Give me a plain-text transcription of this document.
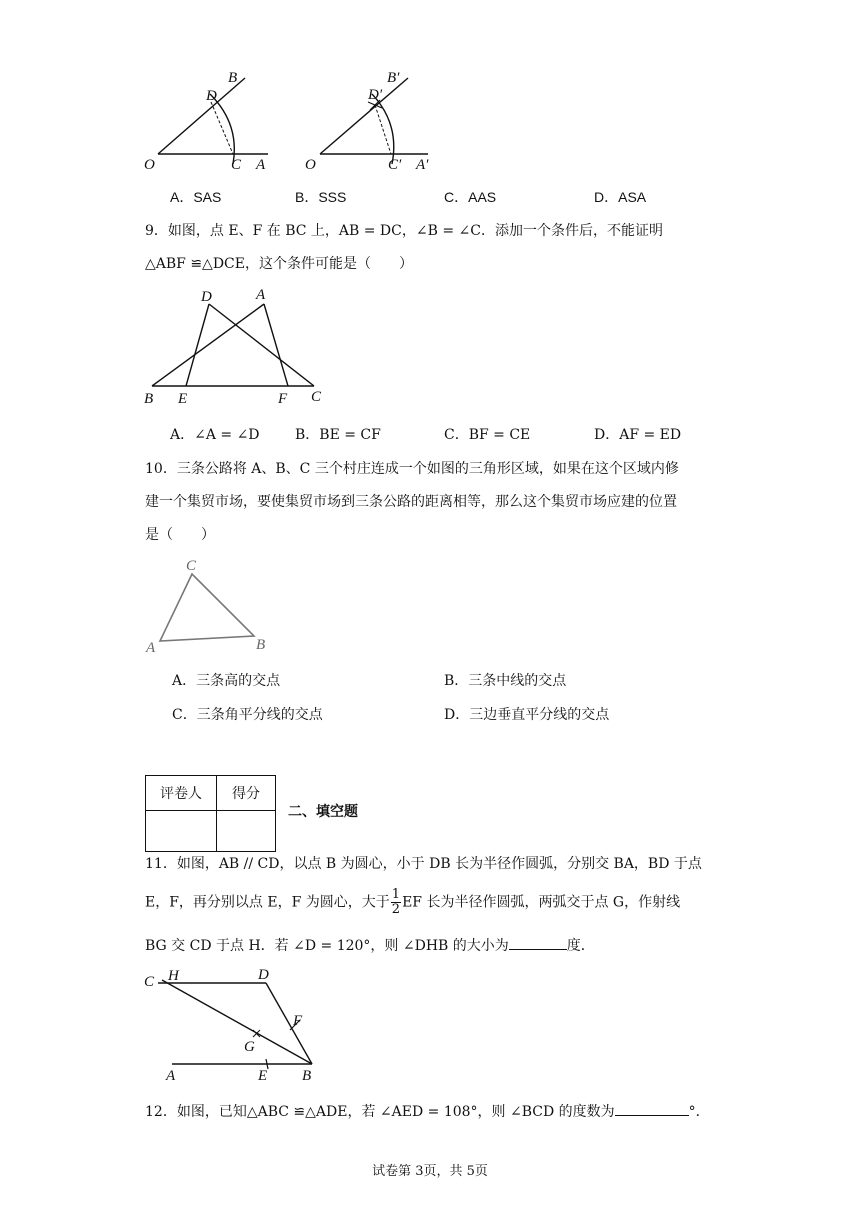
B
D
O	C A
B′
D′
O	C′ A′
A．SAS	B．SSS	C．AAS	D．ASA
9．如图，点 E、F 在 BC 上，AB = DC，∠B = ∠C．添加一个条件后，不能证明
△ABF ≌△DCE，这个条件可能是（　　）
D	A
B E	F C
A．∠A = ∠D	B．BE = CF	C．BF = CE	D．AF = ED
10．三条公路将 A、B、C 三个村庄连成一个如图的三角形区域，如果在这个区域内修
建一个集贸市场，要使集贸市场到三条公路的距离相等，那么这个集贸市场应建的位置
是（　　）
C
A	B
A．三条高的交点	B．三条中线的交点
C．三条角平分线的交点	D．三边垂直平分线的交点
评卷人	得分

二、填空题
11．如图，AB // CD，以点 B 为圆心，小于 DB 长为半径作圆弧，分别交 BA，BD 于点
E，F，再分别以点 E，F 为圆心，大于 $\frac{1}{2}$ EF 长为半径作圆弧，两弧交于点 G，作射线
BG 交 CD 于点 H．若 ∠D = 120°，则 ∠DHB 的大小为	度．
C H	D
F
G
A	E B
12．如图，已知△ABC ≌△ADE，若 ∠AED = 108°，则 ∠BCD 的度数为	°．
试卷第 3页，共 5页
